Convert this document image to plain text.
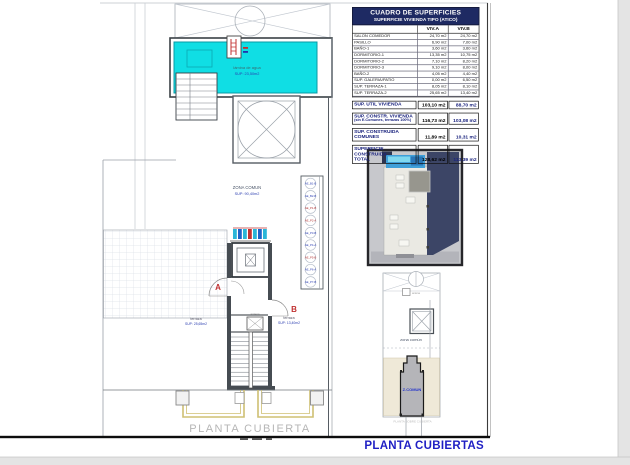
lámina de agua
SUP: 23,50m2
ZONA COMUN
SUP: 90,40m2
AE_B1-B
AE_B2-B
AE_P1-B
AE_P2-A
AE_P3-B
AE_P4-A
AE_P5-B
AE_P6-A
AE_P7-B
A
B
antena
terraza
SUP: 25,65m2
terraza
SUP: 13,40m2
antena
zona común
Z.COMUN
PLANTA SOBRE CUBIERTA
CUADRO DE SUPERFICIES
SUPERFICIE VIVIENDA TIPO (ATICO)
VIV.A	VIV.B
SALON COMEDOR	24,70 m2	24,70 m2
PASILLO	6,90 m2	7,00 m2
BAÑO-1	3,60 m2	3,60 m2
DORMITORIO-1	13,35 m2	10,75 m2
DORMITORIO-2	7,10 m2	8,20 m2
DORMITORIO-3	9,10 m2	8,00 m2
BAÑO-2	4,05 m2	4,40 m2
SUP. GALERIA/PATIO	0,00 m2	6,50 m2
SUP. TERRAZA-1	8,05 m2	8,10 m2
SUP. TERRAZA-2	25,65 m2	13,40 m2
SUP. UTIL VIVIENDA	103,10 m2	88,70 m2
SUP. CONSTR. VIVIENDA
(sin E.Comunes, terrazas 100%)	116,73 m2	103,08 m2
SUP. CONSTRUIDA COMUNES	11,89 m2	10,31 m2
SUPERFICIE CONSTRUIDA
TOTAL	128,62 m2	113,39 m2
PLANTA CUBIERTA
PLANTA CUBIERTAS
